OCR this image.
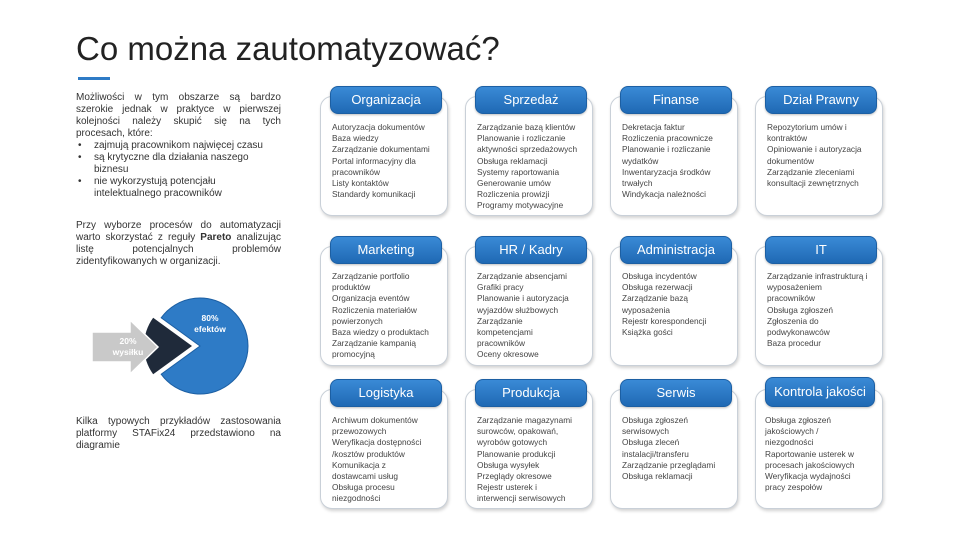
Co można zautomatyzować?

Możliwości w tym obszarze są bardzo szerokie jednak w praktyce w pierwszej kolejności należy skupić się na tych procesach, które:

• zajmują pracownikom najwięcej czasu
• są krytyczne dla działania naszego biznesu
• nie wykorzystują potencjału intelektualnego pracowników

Przy wyborze procesów do automatyzacji warto skorzystać z reguły Pareto analizując listę potencjalnych problemów zidentyfikowanych w organizacji.

80%
efektów
20%
wysiłku

Kilka typowych przykładów zastosowania platformy STAFix24 przedstawiono na diagramie

Autoryzacja dokumentów
Baza wiedzy
Zarządzanie dokumentami
Portal informacyjny dla
pracowników
Listy kontaktów
Standardy komunikacji
Organizacja
Zarządzanie bazą klientów
Planowanie i rozliczanie
aktywności sprzedażowych
Obsługa reklamacji
Systemy raportowania
Generowanie umów
Rozliczenia prowizji
Programy motywacyjne
Sprzedaż
Dekretacja faktur
Rozliczenia pracownicze
Planowanie i rozliczanie
wydatków
Inwentaryzacja środków
trwałych
Windykacja należności
Finanse
Repozytorium umów i
kontraktów
Opiniowanie i autoryzacja
dokumentów
Zarządzanie zleceniami
konsultacji zewnętrznych
Dział Prawny
Zarządzanie portfolio
produktów
Organizacja eventów
Rozliczenia materiałów
powierzonych
Baza wiedzy o produktach
Zarządzanie kampanią
promocyjną
Marketing
Zarządzanie absencjami
Grafiki pracy
Planowanie i autoryzacja
wyjazdów służbowych
Zarządzanie
kompetencjami
pracowników
Oceny okresowe
HR / Kadry
Obsługa incydentów
Obsługa rezerwacji
Zarządzanie bazą
wyposażenia
Rejestr korespondencji
Książka gości
Administracja
Zarządzanie infrastrukturą i
wyposażeniem
pracowników
Obsługa zgłoszeń
Zgłoszenia do
podwykonawców
Baza procedur
IT
Archiwum dokumentów
przewozowych
Weryfikacja dostępności
/kosztów produktów
Komunikacja z
dostawcami usług
Obsługa procesu
niezgodności
Logistyka
Zarządzanie magazynami
surowców, opakowań,
wyrobów gotowych
Planowanie produkcji
Obsługa wysyłek
Przeglądy okresowe
Rejestr usterek i
interwencji serwisowych
Produkcja
Obsługa zgłoszeń
serwisowych
Obsługa zleceń
instalacji/transferu
Zarządzanie przeglądami
Obsługa reklamacji
Serwis
Obsługa zgłoszeń
jakościowych /
niezgodności
Raportowanie usterek w
procesach jakościowych
Weryfikacja wydajności
pracy zespołów
Kontrola jakości
